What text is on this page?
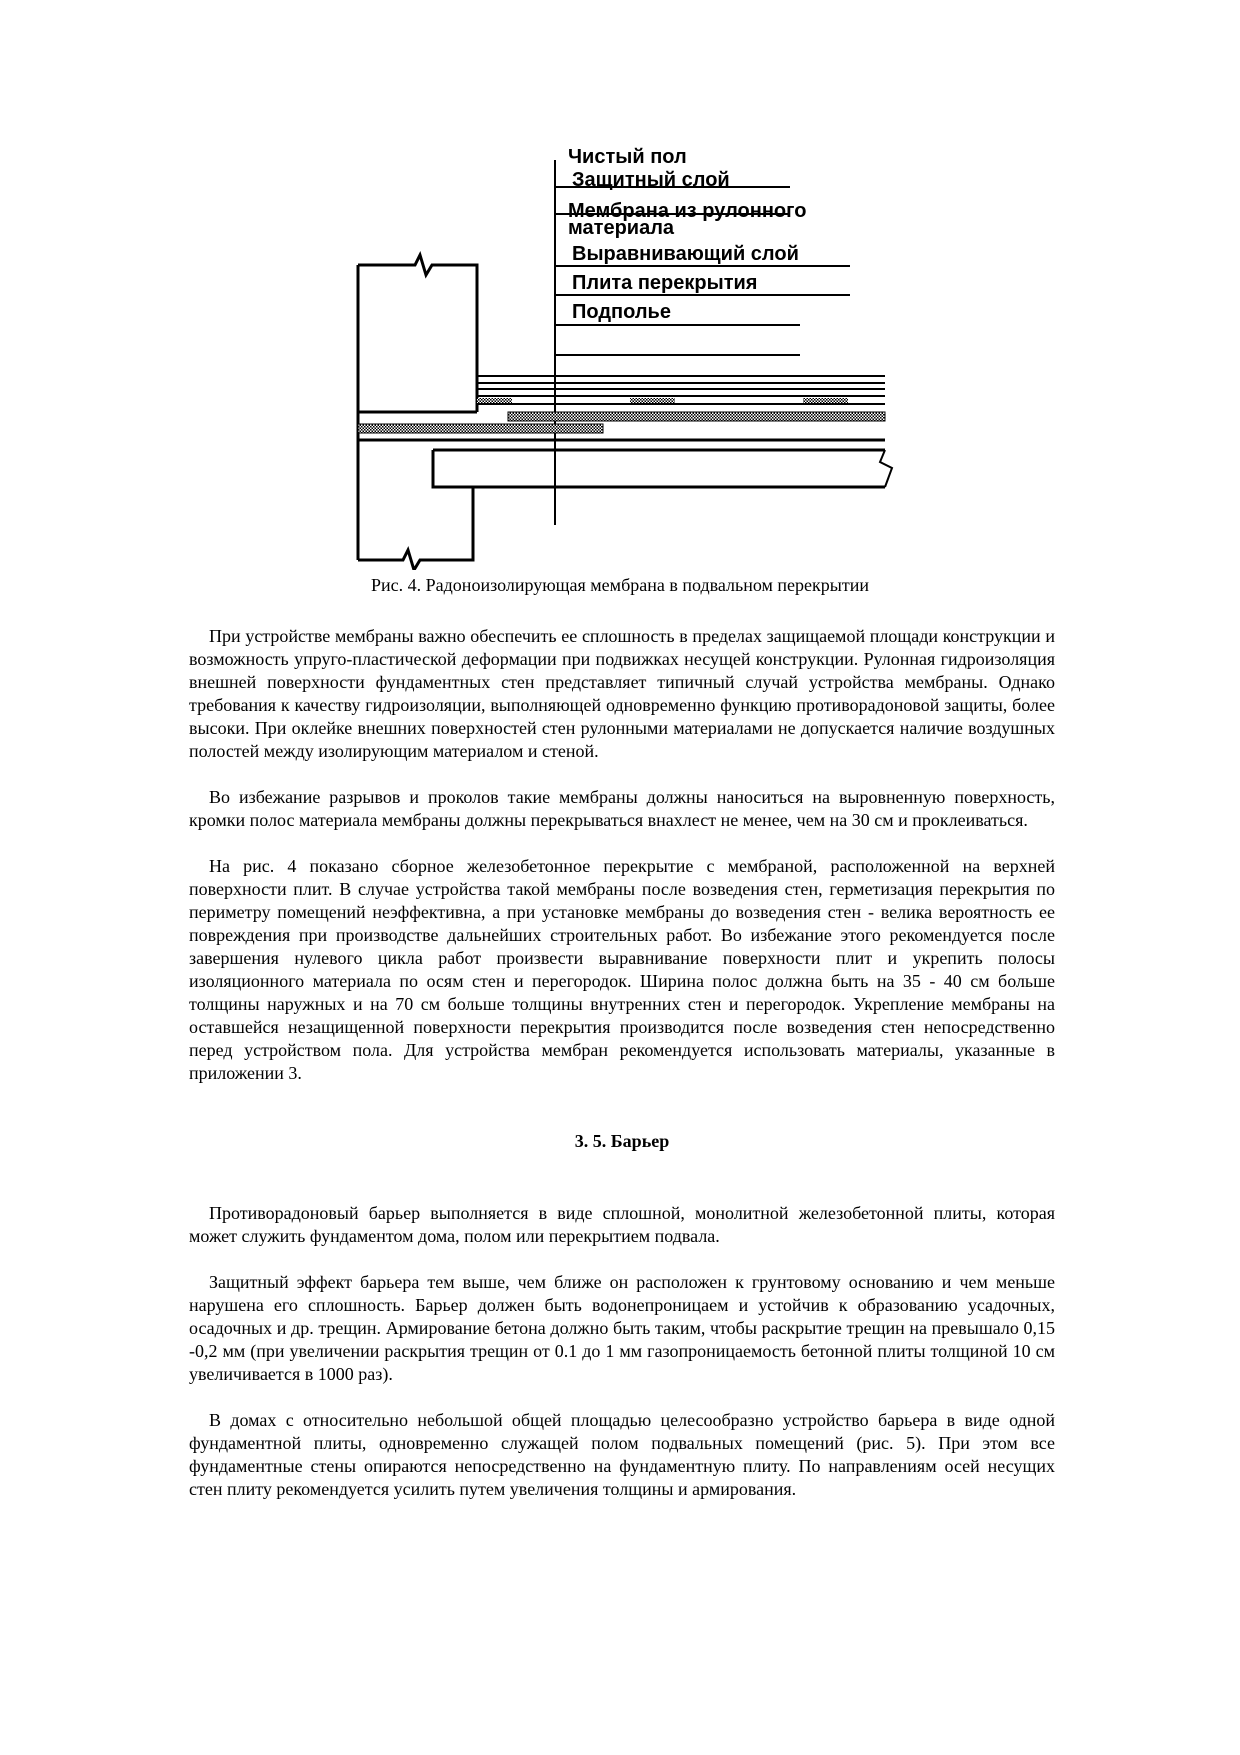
Чистый пол
Защитный слой
Мембрана из рулонного
материала
Выравнивающий слой
Плита перекрытия
Подполье
Рис. 4. Радоноизолирующая мембрана в подвальном перекрытии

При устройстве мембраны важно обеспечить ее сплошность в пределах защищаемой площади конструкции и возможность упруго-пластической деформации при подвижках несущей конструкции. Рулонная гидроизоляция внешней поверхности фундаментных стен представляет типичный случай устройства мембраны. Однако требования к качеству гидроизоляции, выполняющей одновременно функцию противорадоновой защиты, более высоки. При оклейке внешних поверхностей стен рулонными материалами не допускается наличие воздушных полостей между изолирующим материалом и стеной.

Во избежание разрывов и проколов такие мембраны должны наноситься на выровненную поверхность, кромки полос материала мембраны должны перекрываться внахлест не менее, чем на 30 см и проклеиваться.

На рис. 4 показано сборное железобетонное перекрытие с мембраной, расположенной на верхней поверхности плит. В случае устройства такой мембраны после возведения стен, герметизация перекрытия по периметру помещений неэффективна, а при установке мембраны до возведения стен - велика вероятность ее повреждения при производстве дальнейших строительных работ. Во избежание этого рекомендуется после завершения нулевого цикла работ произвести выравнивание поверхности плит и укрепить полосы изоляционного материала по осям стен и перегородок. Ширина полос должна быть на 35 - 40 см больше толщины наружных и на 70 см больше толщины внутренних стен и перегородок. Укрепление мембраны на оставшейся незащищенной поверхности перекрытия производится после возведения стен непосредственно перед устройством пола. Для устройства мембран рекомендуется использовать материалы, указанные в приложении 3.

3. 5. Барьер

Противорадоновый барьер выполняется в виде сплошной, монолитной железобетонной плиты, которая может служить фундаментом дома, полом или перекрытием подвала.

Защитный эффект барьера тем выше, чем ближе он расположен к грунтовому основанию и чем меньше нарушена его сплошность. Барьер должен быть водонепроницаем и устойчив к образованию усадочных, осадочных и др. трещин. Армирование бетона должно быть таким, чтобы раскрытие трещин на превышало 0,15 -0,2 мм (при увеличении раскрытия трещин от 0.1 до 1 мм газопроницаемость бетонной плиты толщиной 10 см увеличивается в 1000 раз).

В домах с относительно небольшой общей площадью целесообразно устройство барьера в виде одной фундаментной плиты, одновременно служащей полом подвальных помещений (рис. 5). При этом все фундаментные стены опираются непосредственно на фундаментную плиту. По направлениям осей несущих стен плиту рекомендуется усилить путем увеличения толщины и армирования.
